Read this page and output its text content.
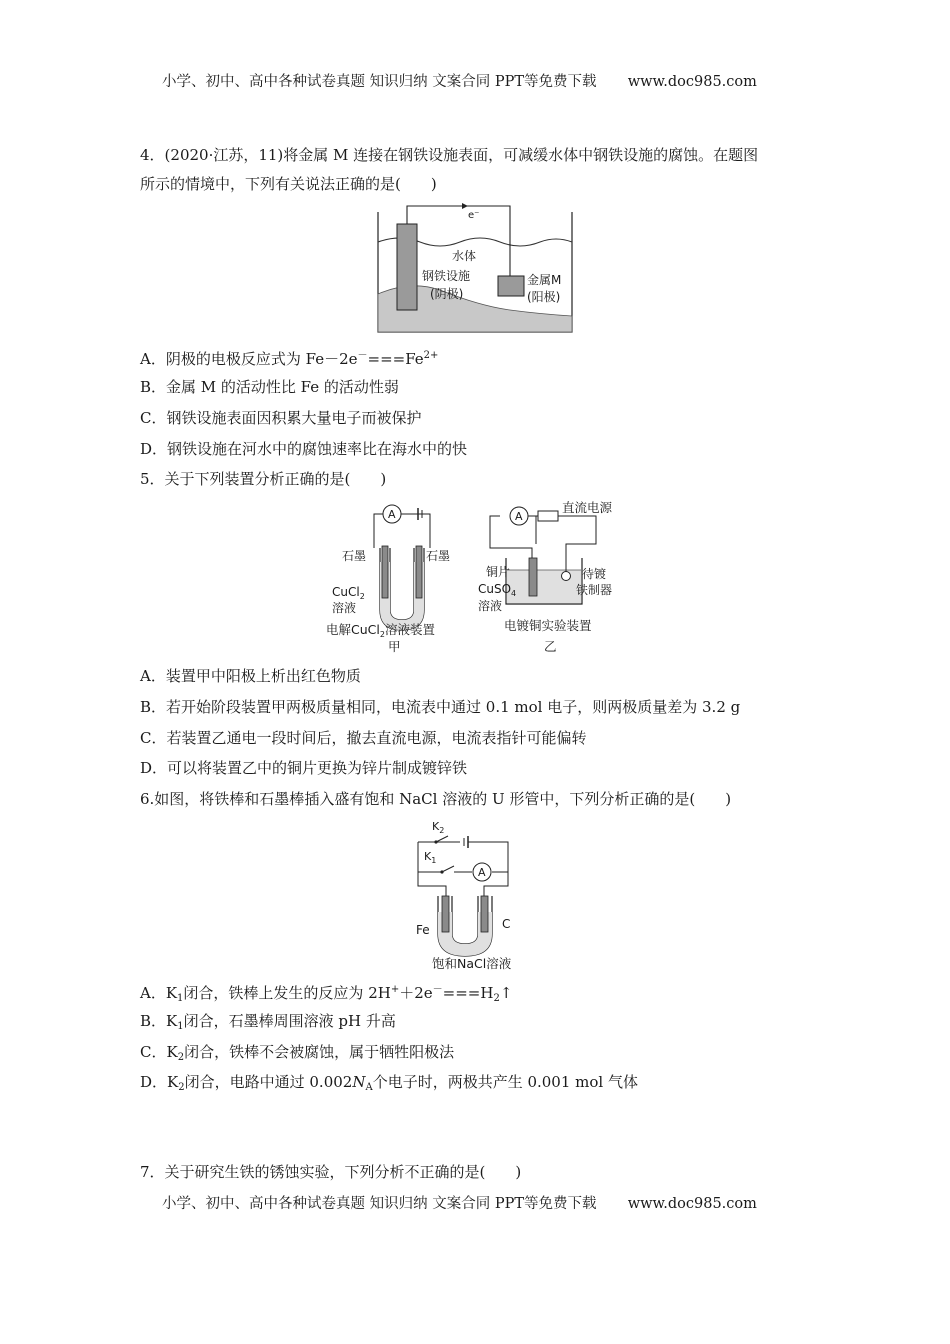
小学、初中、高中各种试卷真题 知识归纳 文案合同 PPT等免费下载 www.doc985.com
4．(2020·江苏，11)将金属 M 连接在钢铁设施表面，可减缓水体中钢铁设施的腐蚀。在题图
所示的情境中，下列有关说法正确的是(　　)
e⁻
水体
钢铁设施
(阴极)
金属M
(阳极)
A．阴极的电极反应式为 $Fe-2e^-===Fe^{2+}$
B．金属 M 的活动性比 Fe 的活动性弱
C．钢铁设施表面因积累大量电子而被保护
D．钢铁设施在河水中的腐蚀速率比在海水中的快
5．关于下列装置分析正确的是(　　)
A
石墨	石墨
CuCl$_2$
溶液
电解CuCl$_2$溶液装置
甲
A
直流电源
铜片
CuSO$_4$
溶液
待镀
铁制器
电镀铜实验装置
乙
A．装置甲中阳极上析出红色物质
B．若开始阶段装置甲两极质量相同，电流表中通过 0.1 mol 电子，则两极质量差为 3.2 g
C．若装置乙通电一段时间后，撤去直流电源，电流表指针可能偏转
D．可以将装置乙中的铜片更换为锌片制成镀锌铁
6.如图，将铁棒和石墨棒插入盛有饱和 NaCl 溶液的 U 形管中，下列分析正确的是(　　)
A
$K_2$
$K_1$
Fe	C
饱和NaCl溶液
A．$K_1$闭合，铁棒上发生的反应为 $2H^++2e^-===H_2↑$
B．$K_1$闭合，石墨棒周围溶液 pH 升高
C．$K_2$闭合，铁棒不会被腐蚀，属于牺牲阳极法
D．$K_2$闭合，电路中通过 $0.002N_A$个电子时，两极共产生 0.001 mol 气体
7．关于研究生铁的锈蚀实验，下列分析不正确的是(　　)
小学、初中、高中各种试卷真题 知识归纳 文案合同 PPT等免费下载 www.doc985.com
